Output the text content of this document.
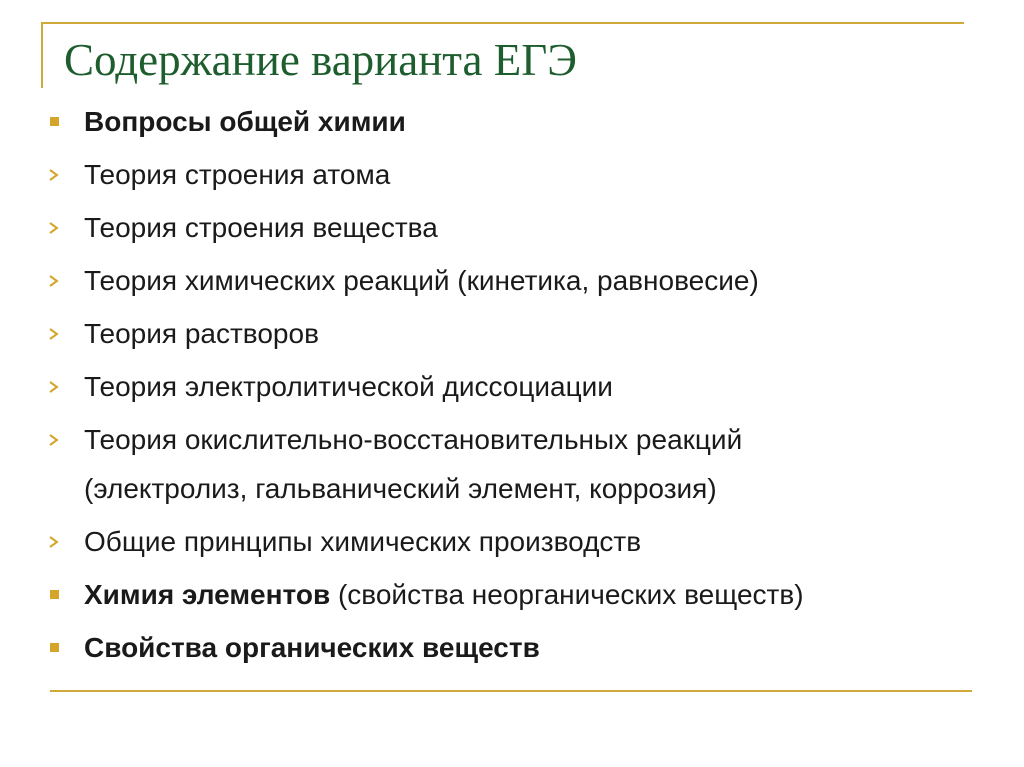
Содержание варианта ЕГЭ
Вопросы общей химии
Теория строения атома
Теория строения вещества
Теория химических реакций (кинетика, равновесие)
Теория растворов
Теория электролитической диссоциации
Теория окислительно-восстановительных реакций (электролиз, гальванический элемент, коррозия)
Общие принципы химических производств
Химия элементов (свойства неорганических веществ)
Свойства органических веществ
